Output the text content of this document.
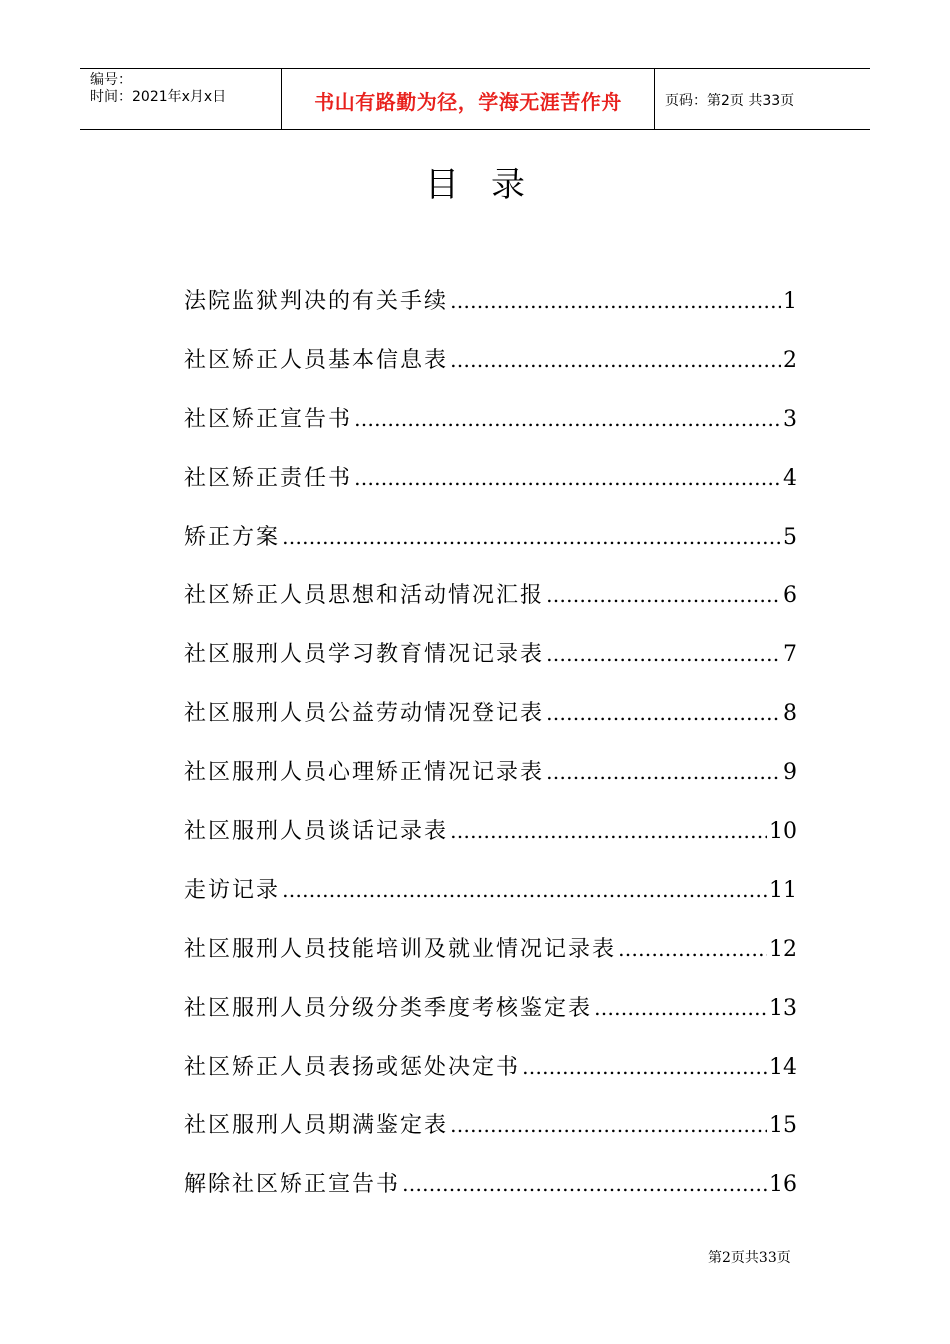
编号：
时间：2021年x月x日	书山有路勤为径，学海无涯苦作舟	页码：第2页 共33页
目录
法院监狱判决的有关手续 ……………………………………………………………………………………………………………………………………	1
社区矫正人员基本信息表 ……………………………………………………………………………………………………………………………………	2
社区矫正宣告书 ……………………………………………………………………………………………………………………………………	3
社区矫正责任书 ……………………………………………………………………………………………………………………………………	4
矫正方案 ……………………………………………………………………………………………………………………………………	5
社区矫正人员思想和活动情况汇报 ……………………………………………………………………………………………………………………………………	6
社区服刑人员学习教育情况记录表 ……………………………………………………………………………………………………………………………………	7
社区服刑人员公益劳动情况登记表 ……………………………………………………………………………………………………………………………………	8
社区服刑人员心理矫正情况记录表 ……………………………………………………………………………………………………………………………………	9
社区服刑人员谈话记录表 ……………………………………………………………………………………………………………………………………	10
走访记录 ……………………………………………………………………………………………………………………………………	11
社区服刑人员技能培训及就业情况记录表 ……………………………………………………………………………………………………………………………………	12
社区服刑人员分级分类季度考核鉴定表 ……………………………………………………………………………………………………………………………………	13
社区矫正人员表扬或惩处决定书 ……………………………………………………………………………………………………………………………………	14
社区服刑人员期满鉴定表 ……………………………………………………………………………………………………………………………………	15
解除社区矫正宣告书 ……………………………………………………………………………………………………………………………………	16
第2页共33页
